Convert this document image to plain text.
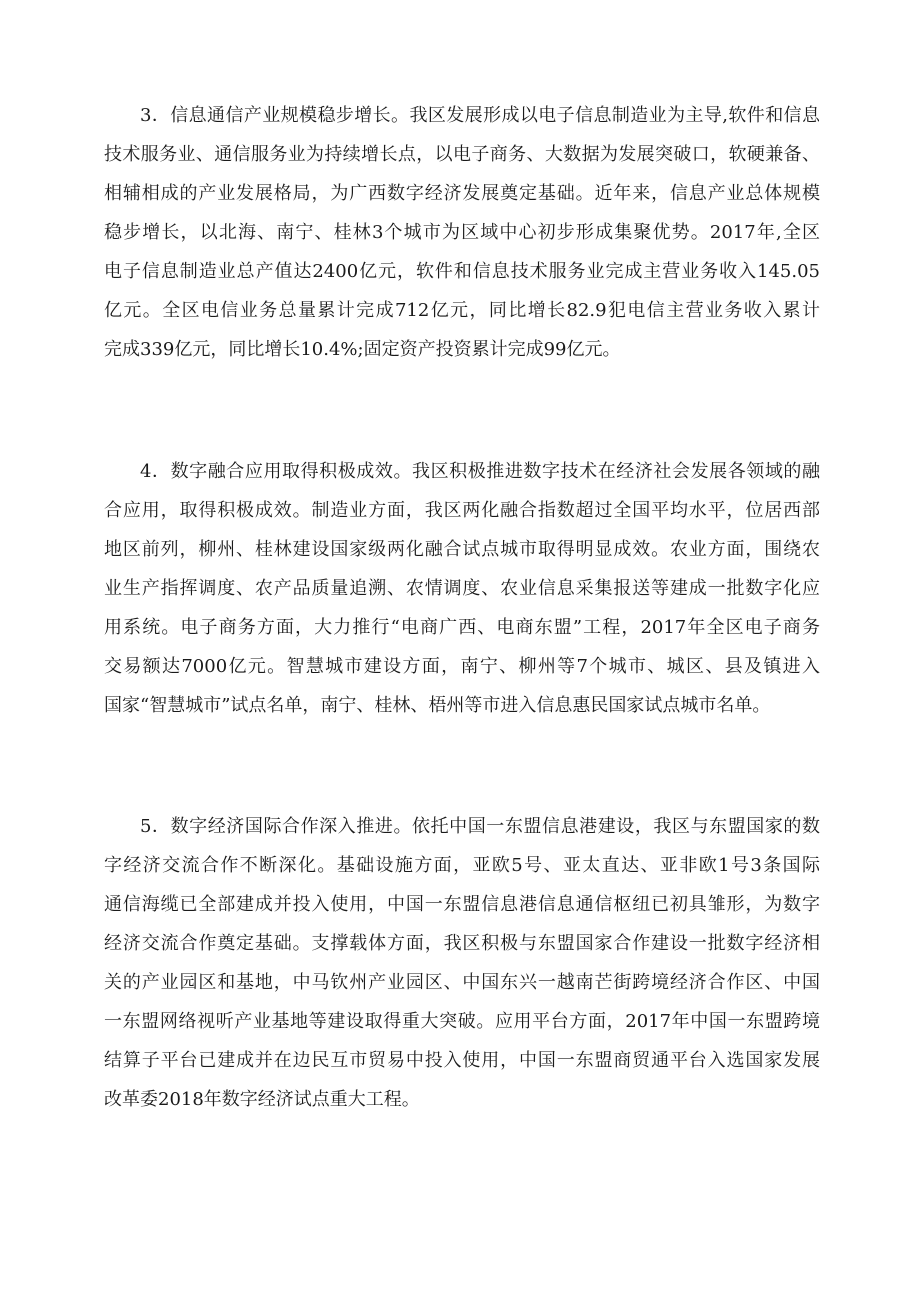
3．信息通信产业规模稳步增长。我区发展形成以电子信息制造业为主导,软件和信息
技术服务业、通信服务业为持续增长点，以电子商务、大数据为发展突破口，软硬兼备、
相辅相成的产业发展格局，为广西数字经济发展奠定基础。近年来，信息产业总体规模
稳步增长，以北海、南宁、桂林3个城市为区域中心初步形成集聚优势。2017年,全区
电子信息制造业总产值达2400亿元，软件和信息技术服务业完成主营业务收入145.05
亿元。全区电信业务总量累计完成712亿元，同比增长82.9犯电信主营业务收入累计
完成339亿元，同比增长10.4%;固定资产投资累计完成99亿元。
4．数字融合应用取得积极成效。我区积极推进数字技术在经济社会发展各领域的融
合应用，取得积极成效。制造业方面，我区两化融合指数超过全国平均水平，位居西部
地区前列，柳州、桂林建设国家级两化融合试点城市取得明显成效。农业方面，围绕农
业生产指挥调度、农产品质量追溯、农情调度、农业信息采集报送等建成一批数字化应
用系统。电子商务方面，大力推行“电商广西、电商东盟”工程，2017年全区电子商务
交易额达7000亿元。智慧城市建设方面，南宁、柳州等7个城市、城区、县及镇进入
国家“智慧城市”试点名单，南宁、桂林、梧州等市进入信息惠民国家试点城市名单。
5．数字经济国际合作深入推进。依托中国一东盟信息港建设，我区与东盟国家的数
字经济交流合作不断深化。基础设施方面，亚欧5号、亚太直达、亚非欧1号3条国际
通信海缆已全部建成并投入使用，中国一东盟信息港信息通信枢纽已初具雏形，为数字
经济交流合作奠定基础。支撑载体方面，我区积极与东盟国家合作建设一批数字经济相
关的产业园区和基地，中马钦州产业园区、中国东兴一越南芒街跨境经济合作区、中国
一东盟网络视听产业基地等建设取得重大突破。应用平台方面，2017年中国一东盟跨境
结算子平台已建成并在边民互市贸易中投入使用，中国一东盟商贸通平台入选国家发展
改革委2018年数字经济试点重大工程。
